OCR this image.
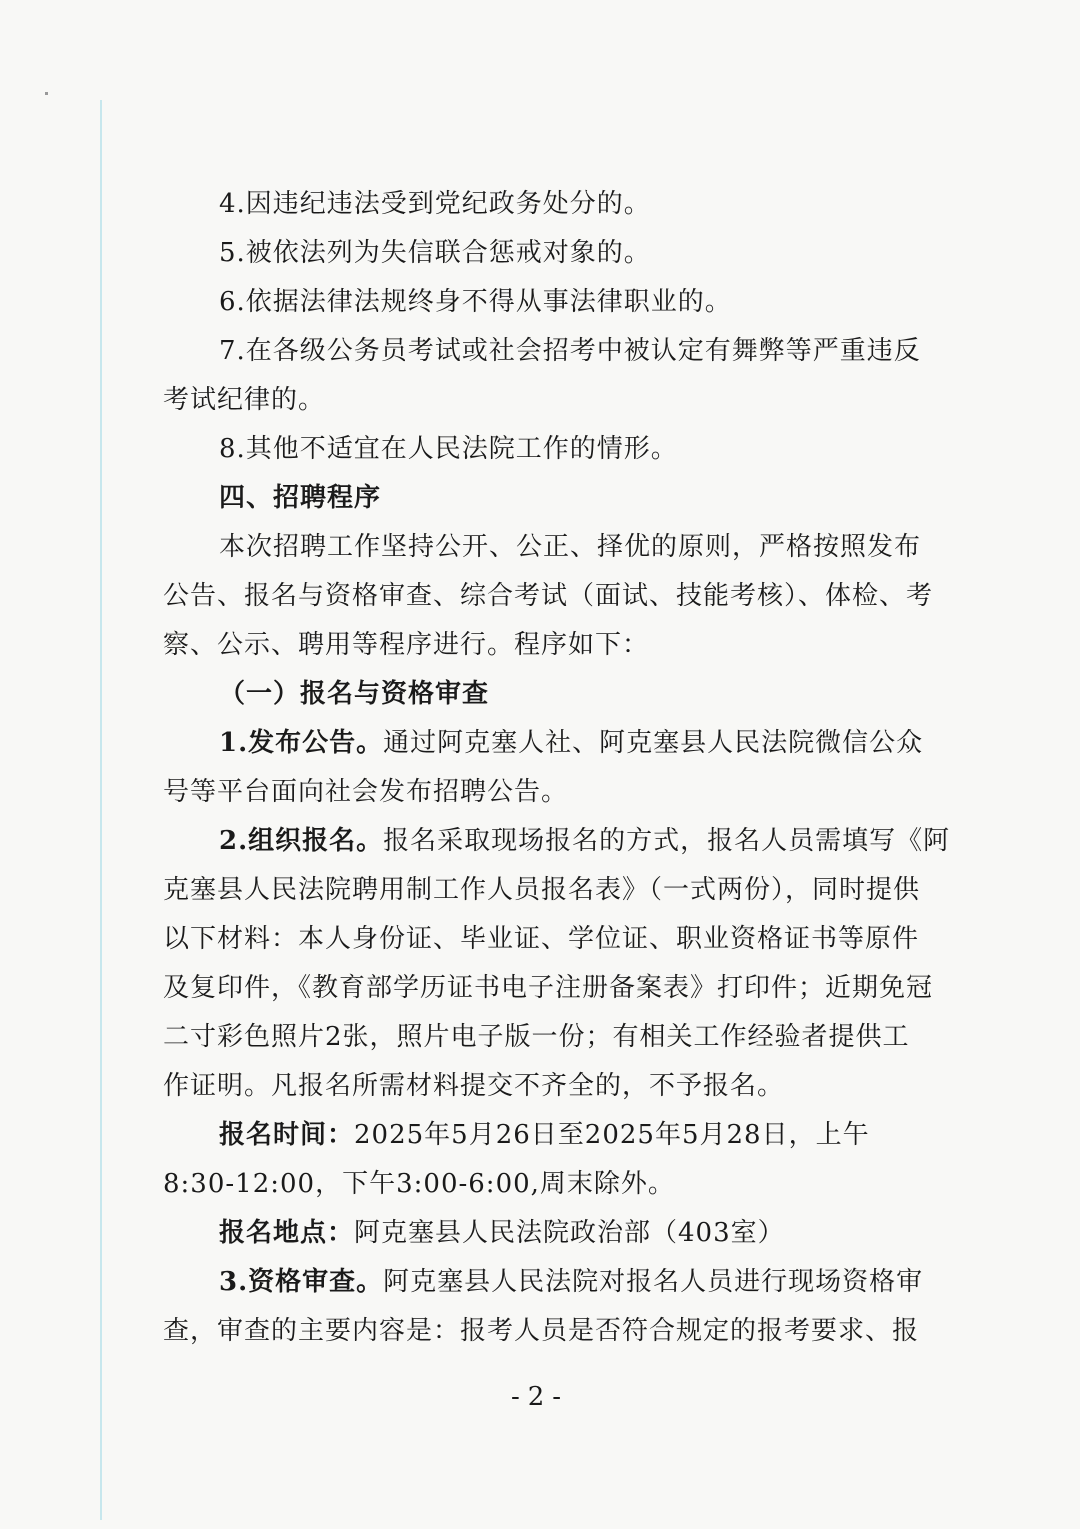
4.因违纪违法受到党纪政务处分的。
5.被依法列为失信联合惩戒对象的。
6.依据法律法规终身不得从事法律职业的。
7.在各级公务员考试或社会招考中被认定有舞弊等严重违反
考试纪律的。
8.其他不适宜在人民法院工作的情形。
四、招聘程序
本次招聘工作坚持公开、公正、择优的原则，严格按照发布
公告、报名与资格审查、综合考试（面试、技能考核）、体检、考
察、公示、聘用等程序进行。程序如下：
（一）报名与资格审查
1.发布公告。通过阿克塞人社、阿克塞县人民法院微信公众
号等平台面向社会发布招聘公告。
2.组织报名。报名采取现场报名的方式，报名人员需填写《阿
克塞县人民法院聘用制工作人员报名表》（一式两份），同时提供
以下材料：本人身份证、毕业证、学位证、职业资格证书等原件
及复印件，《教育部学历证书电子注册备案表》打印件；近期免冠
二寸彩色照片2张，照片电子版一份；有相关工作经验者提供工
作证明。凡报名所需材料提交不齐全的，不予报名。
报名时间：2025年5月26日至2025年5月28日，上午
8:30-12:00，下午3:00-6:00,周末除外。
报名地点：阿克塞县人民法院政治部（403室）
3.资格审查。阿克塞县人民法院对报名人员进行现场资格审
查，审查的主要内容是：报考人员是否符合规定的报考要求、报
-2-
